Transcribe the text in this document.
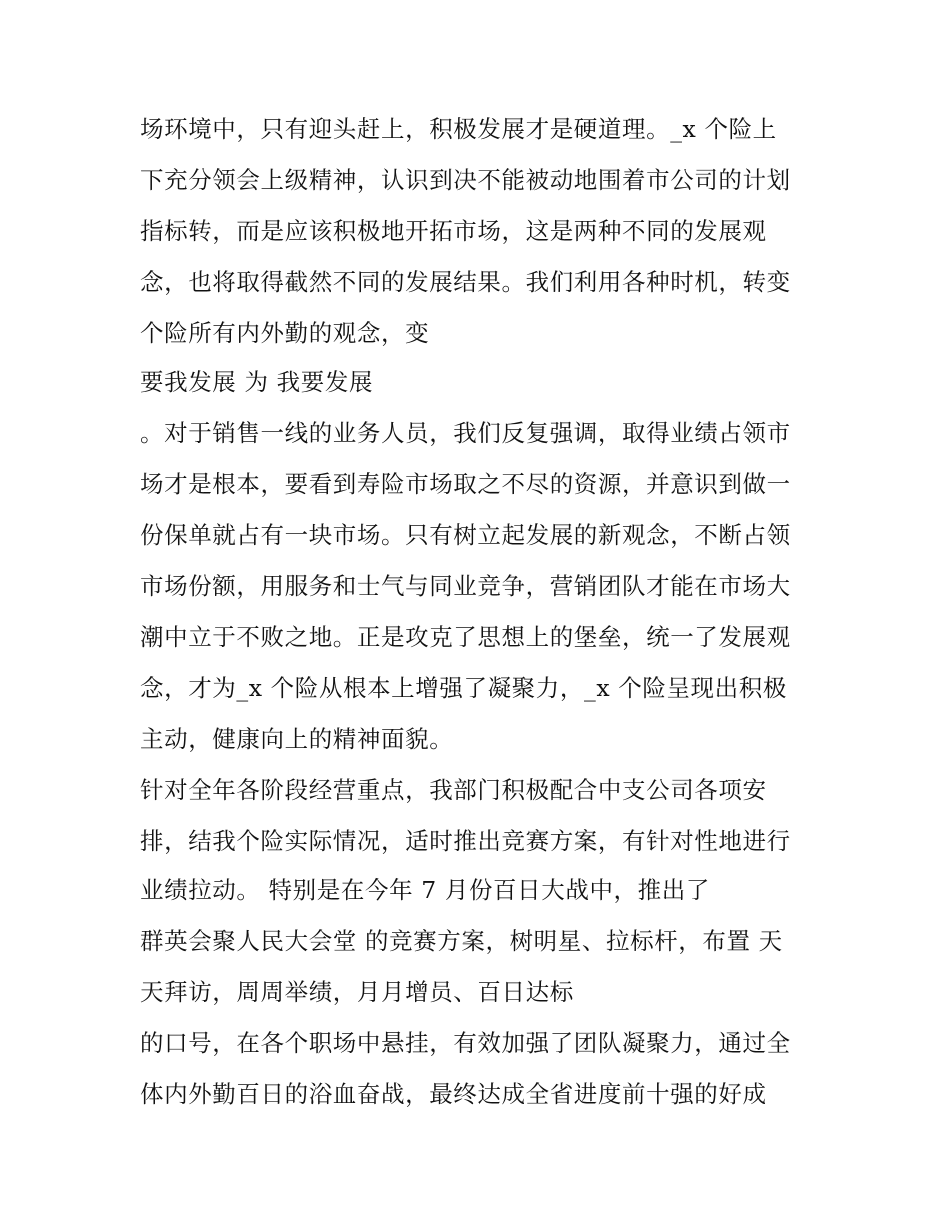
场环境中，只有迎头赶上，积极发展才是硬道理。_x 个险上
下充分领会上级精神，认识到决不能被动地围着市公司的计划
指标转，而是应该积极地开拓市场，这是两种不同的发展观
念，也将取得截然不同的发展结果。我们利用各种时机，转变
个险所有内外勤的观念，变
要我发展 为 我要发展
。对于销售一线的业务人员，我们反复强调，取得业绩占领市
场才是根本，要看到寿险市场取之不尽的资源，并意识到做一
份保单就占有一块市场。只有树立起发展的新观念，不断占领
市场份额，用服务和士气与同业竞争，营销团队才能在市场大
潮中立于不败之地。正是攻克了思想上的堡垒，统一了发展观
念，才为_x 个险从根本上增强了凝聚力，_x 个险呈现出积极
主动，健康向上的精神面貌。
针对全年各阶段经营重点，我部门积极配合中支公司各项安
排，结我个险实际情况，适时推出竞赛方案，有针对性地进行
业绩拉动。 特别是在今年 7 月份百日大战中，推出了
群英会聚人民大会堂 的竞赛方案，树明星、拉标杆，布置 天
天拜访，周周举绩，月月增员、百日达标
的口号，在各个职场中悬挂，有效加强了团队凝聚力，通过全
体内外勤百日的浴血奋战，最终达成全省进度前十强的好成
